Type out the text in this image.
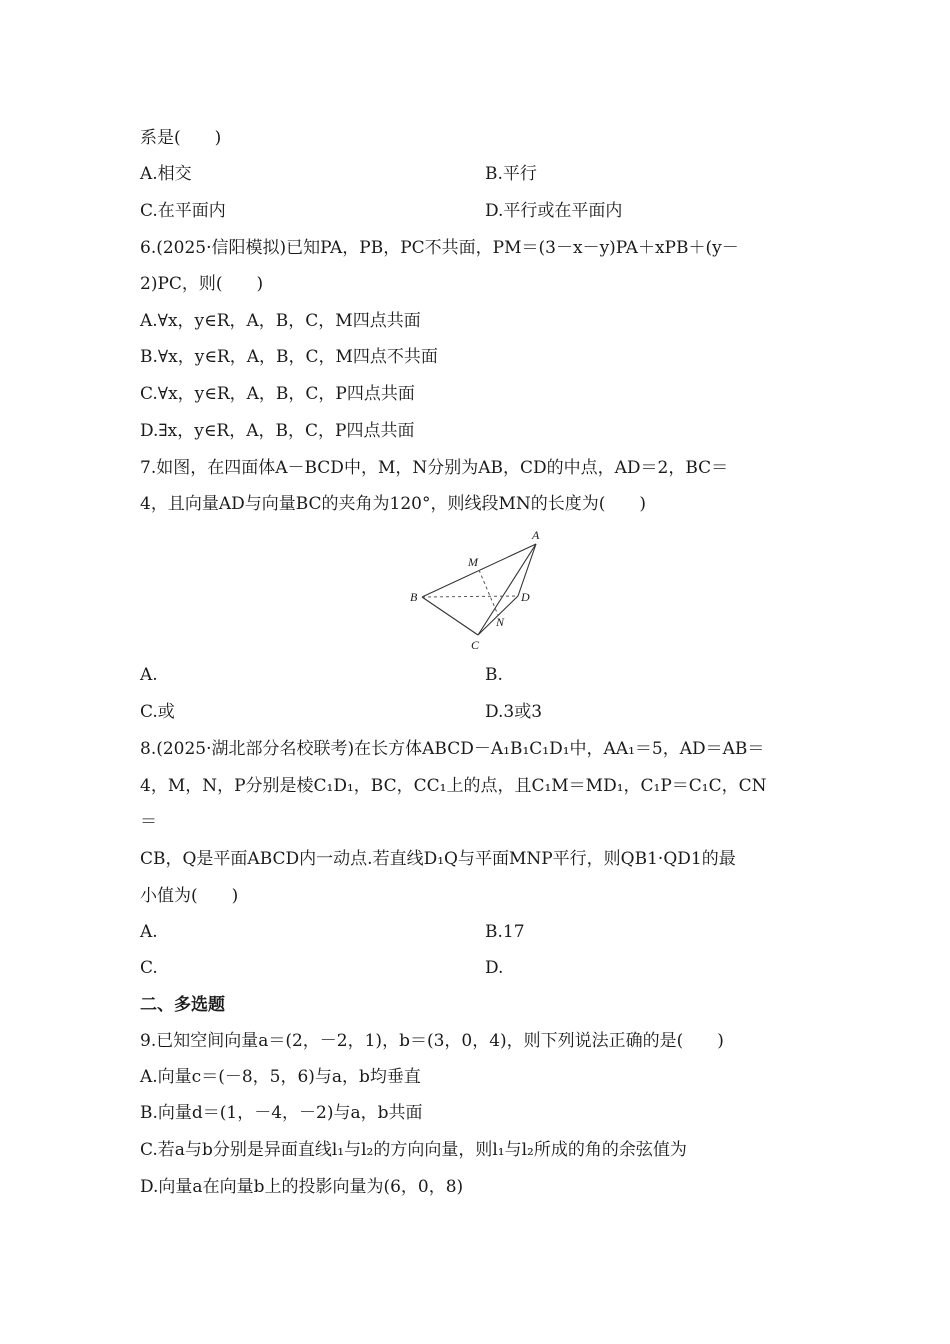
系是(　　)
A.相交	B.平行
C.在平面内	D.平行或在平面内
6.(2025·信阳模拟)已知PA，PB，PC不共面，PM＝(3－x－y)PA＋xPB＋(y－
2)PC，则(　　)
A.∀x，y∈R，A，B，C，M四点共面
B.∀x，y∈R，A，B，C，M四点不共面
C.∀x，y∈R，A，B，C，P四点共面
D.∃x，y∈R，A，B，C，P四点共面
7.如图，在四面体A－BCD中，M，N分别为AB，CD的中点，AD＝2，BC＝
4，且向量AD与向量BC的夹角为120°，则线段MN的长度为(　　)
A
B
C
D
M
N
A.	B.
C.或	D.3或3
8.(2025·湖北部分名校联考)在长方体ABCD－A₁B₁C₁D₁中，AA₁＝5，AD＝AB＝
4，M，N，P分别是棱C₁D₁，BC，CC₁上的点，且C₁M＝MD₁，C₁P＝C₁C，CN
＝
CB，Q是平面ABCD内一动点.若直线D₁Q与平面MNP平行，则QB1·QD1的最
小值为(　　)
A.	B.17
C.	D.
二、多选题
9.已知空间向量a＝(2，－2，1)，b＝(3，0，4)，则下列说法正确的是(　　)
A.向量c＝(－8，5，6)与a，b均垂直
B.向量d＝(1，－4，－2)与a，b共面
C.若a与b分别是异面直线l₁与l₂的方向向量，则l₁与l₂所成的角的余弦值为
D.向量a在向量b上的投影向量为(6，0，8)
